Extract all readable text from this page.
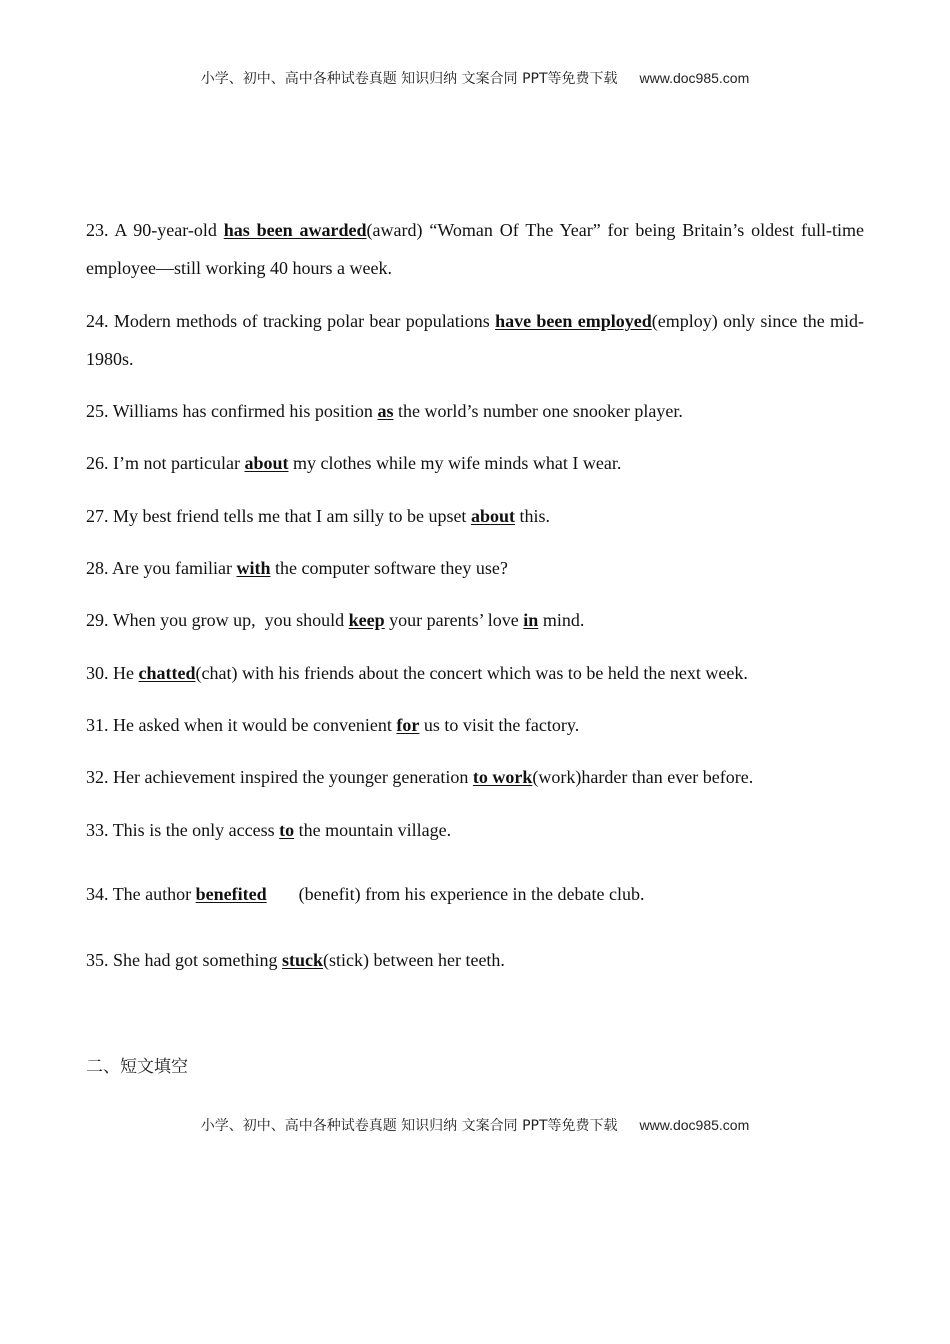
小学、初中、高中各种试卷真题 知识归纳 文案合同 PPT等免费下载 www.doc985.com

23. A 90-year-old has been awarded(award) “Woman Of The Year” for being Britain’s oldest full-time employee—still working 40 hours a week.

24. Modern methods of tracking polar bear populations have been employed(employ) only since the mid-1980s.

25. Williams has confirmed his position as the world’s number one snooker player.

26. I’m not particular about my clothes while my wife minds what I wear.

27. My best friend tells me that I am silly to be upset about this.

28. Are you familiar with the computer software they use?

29. When you grow up,  you should keep your parents’ love in mind.

30. He chatted(chat) with his friends about the concert which was to be held the next week.

31. He asked when it would be convenient for us to visit the factory.

32. Her achievement inspired the younger generation to work(work)harder than ever before.

33. This is the only access to the mountain village.

34. The author benefited (benefit) from his experience in the debate club.

35. She had got something stuck(stick) between her teeth.

二、短文填空
小学、初中、高中各种试卷真题 知识归纳 文案合同 PPT等免费下载 www.doc985.com
